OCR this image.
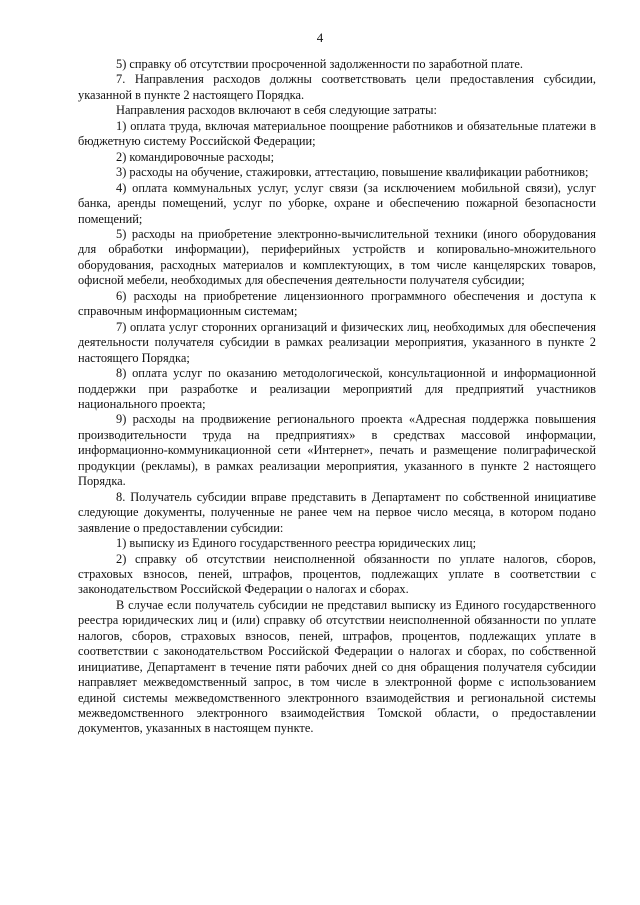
4

5) справку об отсутствии просроченной задолженности по заработной плате.

7. Направления расходов должны соответствовать цели предоставления субсидии, указанной в пункте 2 настоящего Порядка.

Направления расходов включают в себя следующие затраты:

1) оплата труда, включая материальное поощрение работников и обязательные платежи в бюджетную систему Российской Федерации;

2) командировочные расходы;

3) расходы на обучение, стажировки, аттестацию, повышение квалификации работников;

4) оплата коммунальных услуг, услуг связи (за исключением мобильной связи), услуг банка, аренды помещений, услуг по уборке, охране и обеспечению пожарной безопасности помещений;

5) расходы на приобретение электронно-вычислительной техники (иного оборудования для обработки информации), периферийных устройств и копировально-множительного оборудования, расходных материалов и комплектующих, в том числе канцелярских товаров, офисной мебели, необходимых для обеспечения деятельности получателя субсидии;

6) расходы на приобретение лицензионного программного обеспечения и доступа к справочным информационным системам;

7) оплата услуг сторонних организаций и физических лиц, необходимых для обеспечения деятельности получателя субсидии в рамках реализации мероприятия, указанного в пункте 2 настоящего Порядка;

8) оплата услуг по оказанию методологической, консультационной и информационной поддержки при разработке и реализации мероприятий для предприятий участников национального проекта;

9) расходы на продвижение регионального проекта «Адресная поддержка повышения производительности труда на предприятиях» в средствах массовой информации, информационно-коммуникационной сети «Интернет», печать и размещение полиграфической продукции (рекламы), в рамках реализации мероприятия, указанного в пункте 2 настоящего Порядка.

8. Получатель субсидии вправе представить в Департамент по собственной инициативе следующие документы, полученные не ранее чем на первое число месяца, в котором подано заявление о предоставлении субсидии:

1) выписку из Единого государственного реестра юридических лиц;

2) справку об отсутствии неисполненной обязанности по уплате налогов, сборов, страховых взносов, пеней, штрафов, процентов, подлежащих уплате в соответствии с законодательством Российской Федерации о налогах и сборах.

В случае если получатель субсидии не представил выписку из Единого государственного реестра юридических лиц и (или) справку об отсутствии неисполненной обязанности по уплате налогов, сборов, страховых взносов, пеней, штрафов, процентов, подлежащих уплате в соответствии с законодательством Российской Федерации о налогах и сборах, по собственной инициативе, Департамент в течение пяти рабочих дней со дня обращения получателя субсидии направляет межведомственный запрос, в том числе в электронной форме с использованием единой системы межведомственного электронного взаимодействия и региональной системы межведомственного электронного взаимодействия Томской области, о предоставлении документов, указанных в настоящем пункте.
